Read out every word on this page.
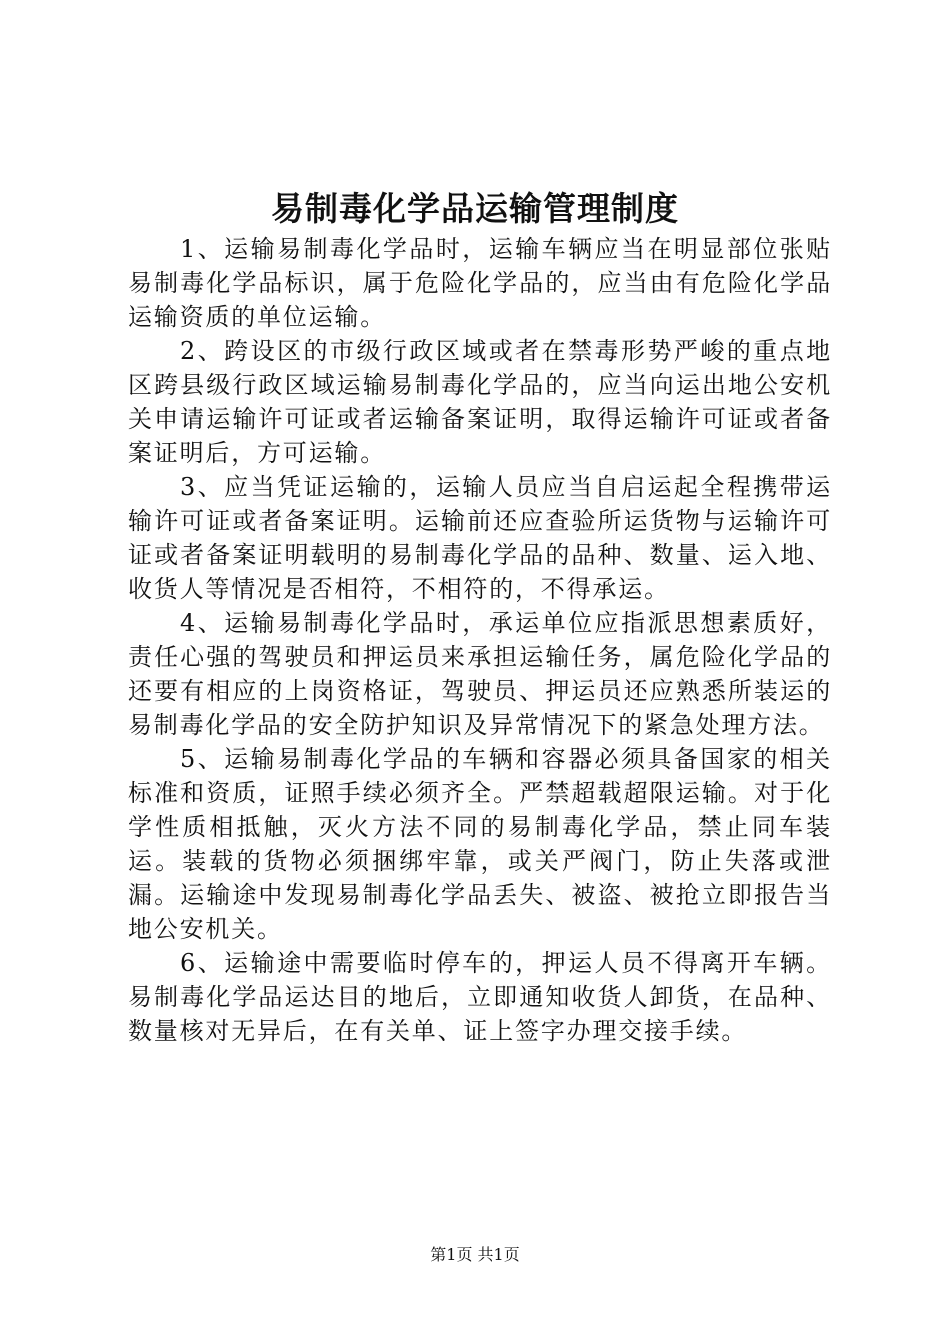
易制毒化学品运输管理制度

1、运输易制毒化学品时，运输车辆应当在明显部位张贴易制毒化学品标识，属于危险化学品的，应当由有危险化学品运输资质的单位运输。

2、跨设区的市级行政区域或者在禁毒形势严峻的重点地区跨县级行政区域运输易制毒化学品的，应当向运出地公安机关申请运输许可证或者运输备案证明，取得运输许可证或者备案证明后，方可运输。

3、应当凭证运输的，运输人员应当自启运起全程携带运输许可证或者备案证明。运输前还应查验所运货物与运输许可证或者备案证明载明的易制毒化学品的品种、数量、运入地、收货人等情况是否相符，不相符的，不得承运。

4、运输易制毒化学品时，承运单位应指派思想素质好，责任心强的驾驶员和押运员来承担运输任务，属危险化学品的还要有相应的上岗资格证，驾驶员、押运员还应熟悉所装运的易制毒化学品的安全防护知识及异常情况下的紧急处理方法。

5、运输易制毒化学品的车辆和容器必须具备国家的相关标准和资质，证照手续必须齐全。严禁超载超限运输。对于化学性质相抵触，灭火方法不同的易制毒化学品，禁止同车装运。装载的货物必须捆绑牢靠，或关严阀门，防止失落或泄漏。运输途中发现易制毒化学品丢失、被盗、被抢立即报告当地公安机关。

6、运输途中需要临时停车的，押运人员不得离开车辆。易制毒化学品运达目的地后，立即通知收货人卸货，在品种、数量核对无异后，在有关单、证上签字办理交接手续。

第1页 共1页
